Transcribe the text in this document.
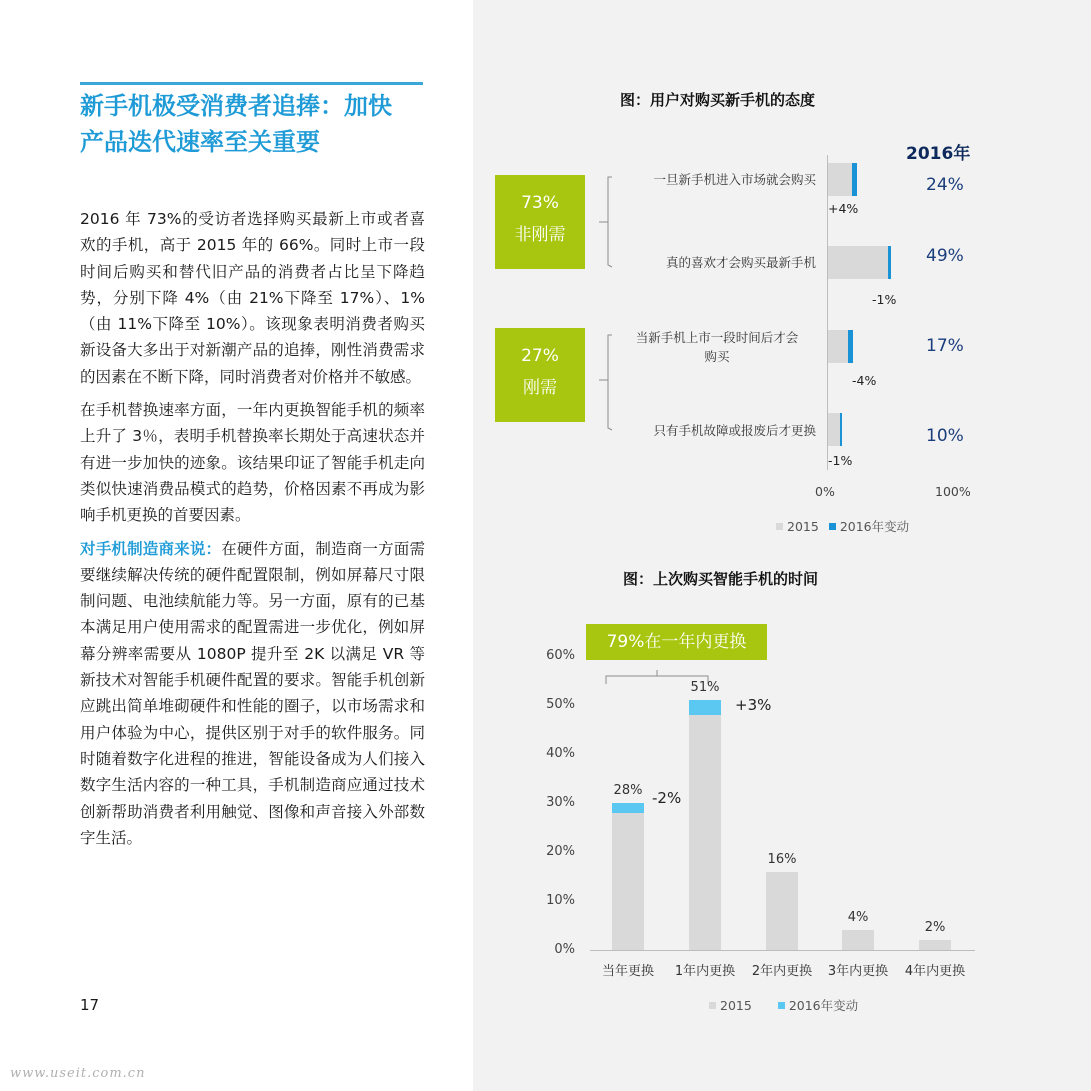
新手机极受消费者追捧：加快
产品迭代速率至关重要

2016 年 73%的受访者选择购买最新上市或者喜欢的手机，高于 2015 年的 66%。同时上市一段时间后购买和替代旧产品的消费者占比呈下降趋势，分别下降 4%（由 21%下降至 17%）、1%（由 11%下降至 10%）。该现象表明消费者购买新设备大多出于对新潮产品的追捧，刚性消费需求的因素在不断下降，同时消费者对价格并不敏感。

在手机替换速率方面，一年内更换智能手机的频率上升了 3％，表明手机替换率长期处于高速状态并有进一步加快的迹象。该结果印证了智能手机走向类似快速消费品模式的趋势，价格因素不再成为影响手机更换的首要因素。

对手机制造商来说：在硬件方面，制造商一方面需要继续解决传统的硬件配置限制，例如屏幕尺寸限制问题、电池续航能力等。另一方面，原有的已基本满足用户使用需求的配置需进一步优化，例如屏幕分辨率需要从 1080P 提升至 2K 以满足 VR 等新技术对智能手机硬件配置的要求。智能手机创新应跳出简单堆砌硬件和性能的圈子，以市场需求和用户体验为中心，提供区别于对手的软件服务。同时随着数字化进程的推进，智能设备成为人们接入数字生活内容的一种工具，手机制造商应通过技术创新帮助消费者利用触觉、图像和声音接入外部数字生活。

17
www.useit.com.cn
图：用户对购买新手机的态度
2016年
73%
非刚需
27%
刚需
一旦新手机进入市场就会购买
+4%
24%
真的喜欢才会购买最新手机
-1%
49%
当新手机上市一段时间后才会
购买
-4%
17%
只有手机故障或报废后才更换
-1%
10%
0%	100%
2015 2016年变动
图：上次购买智能手机的时间
79%在一年内更换
0%
10%
20%
30%
40%
50%
60%
28% -2%
当年更换
51%
+3%
1年内更换
16%
2年内更换
4%
3年内更换
2%
4年内更换
2015	2016年变动
